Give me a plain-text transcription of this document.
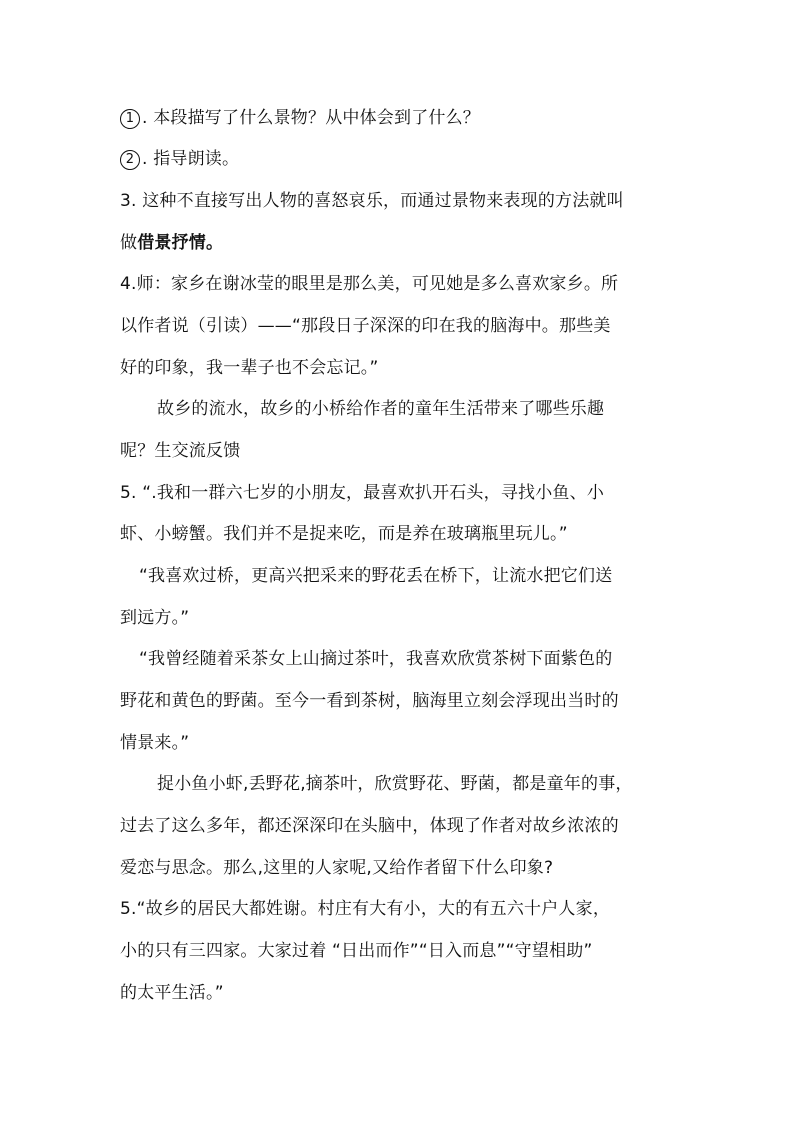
1 . 本段描写了什么景物？从中体会到了什么？
2 . 指导朗读。
3. 这种不直接写出人物的喜怒哀乐，而通过景物来表现的方法就叫
做借景抒情。
4.师：家乡在谢冰莹的眼里是那么美，可见她是多么喜欢家乡。所
以作者说（引读）——“那段日子深深的印在我的脑海中。那些美
好的印象，我一辈子也不会忘记。”
故乡的流水，故乡的小桥给作者的童年生活带来了哪些乐趣
呢？生交流反馈
5. “.我和一群六七岁的小朋友，最喜欢扒开石头，寻找小鱼、小
虾、小螃蟹。我们并不是捉来吃，而是养在玻璃瓶里玩儿。”
“我喜欢过桥，更高兴把采来的野花丢在桥下，让流水把它们送
到远方。”
“我曾经随着采茶女上山摘过茶叶，我喜欢欣赏茶树下面紫色的
野花和黄色的野菌。至今一看到茶树，脑海里立刻会浮现出当时的
情景来。”
捉小鱼小虾,丢野花,摘茶叶，欣赏野花、野菌，都是童年的事，
过去了这么多年，都还深深印在头脑中，体现了作者对故乡浓浓的
爱恋与思念。那么,这里的人家呢,又给作者留下什么印象?
5.“故乡的居民大都姓谢。村庄有大有小，大的有五六十户人家，
小的只有三四家。大家过着 “日出而作”“日入而息”“守望相助”
的太平生活。”
